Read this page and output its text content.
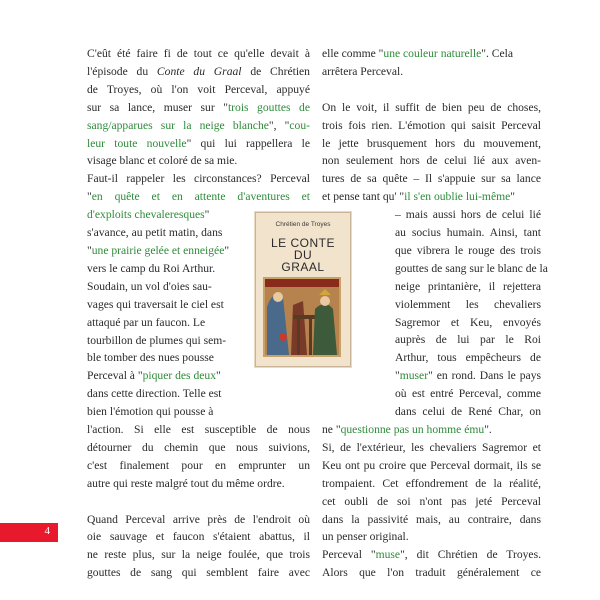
C'eût été faire fi de tout ce qu'elle devait à
l'épisode du Conte du Graal de Chrétien
de Troyes, où l'on voit Perceval, appuyé
sur sa lance, muser sur "trois gouttes de
sang/apparues sur la neige blanche", "cou-
leur toute nouvelle" qui lui rappellera le
visage blanc et coloré de sa mie.

Faut-il rappeler les circonstances? Perceval
"en quête et en attente d'aventures et
d'exploits chevaleresques"
s'avance, au petit matin, dans
"une prairie gelée et enneigée"
vers le camp du Roi Arthur.
Soudain, un vol d'oies sau-
vages qui traversait le ciel est
attaqué par un faucon. Le
tourbillon de plumes qui sem-
ble tomber des nues pousse
Perceval à "piquer des deux"
dans cette direction. Telle est
bien l'émotion qui pousse à
l'action. Si elle est susceptible de nous
détourner du chemin que nous suivions,
c'est finalement pour en emprunter un
autre qui reste malgré tout du même ordre.

Quand Perceval arrive près de l'endroit où
oie sauvage et faucon s'étaient abattus, il
ne reste plus, sur la neige foulée, que trois
gouttes de sang qui semblent faire avec

elle comme "une couleur naturelle". Cela
arrêtera Perceval.

On le voit, il suffit de bien peu de choses,
trois fois rien. L'émotion qui saisit Perceval
le jette brusquement hors du mouvement,
non seulement hors de celui lié aux aven-
tures de sa quête – Il s'appuie sur sa lance
et pense tant qu' "il s'en oublie lui-même"
– mais aussi hors de celui lié
au socius humain. Ainsi, tant
que vibrera le rouge des trois
gouttes de sang sur le blanc de la
neige printanière, il rejettera
violemment les chevaliers
Sagremor et Keu, envoyés
auprès de lui par le Roi
Arthur, tous empêcheurs de
"muser" en rond. Dans le pays
où est entré Perceval, comme
dans celui de René Char, on
ne "questionne pas un homme ému".
Si, de l'extérieur, les chevaliers Sagremor et
Keu ont pu croire que Perceval dormait, ils se
trompaient. Cet effondrement de la réalité,
cet oubli de soi n'ont pas jeté Perceval
dans la passivité mais, au contraire, dans
un penser original.

Perceval "muse", dit Chrétien de Troyes.
Alors que l'on traduit généralement ce

Chrétien de Troyes
LE CONTE
DU
GRAAL
4
